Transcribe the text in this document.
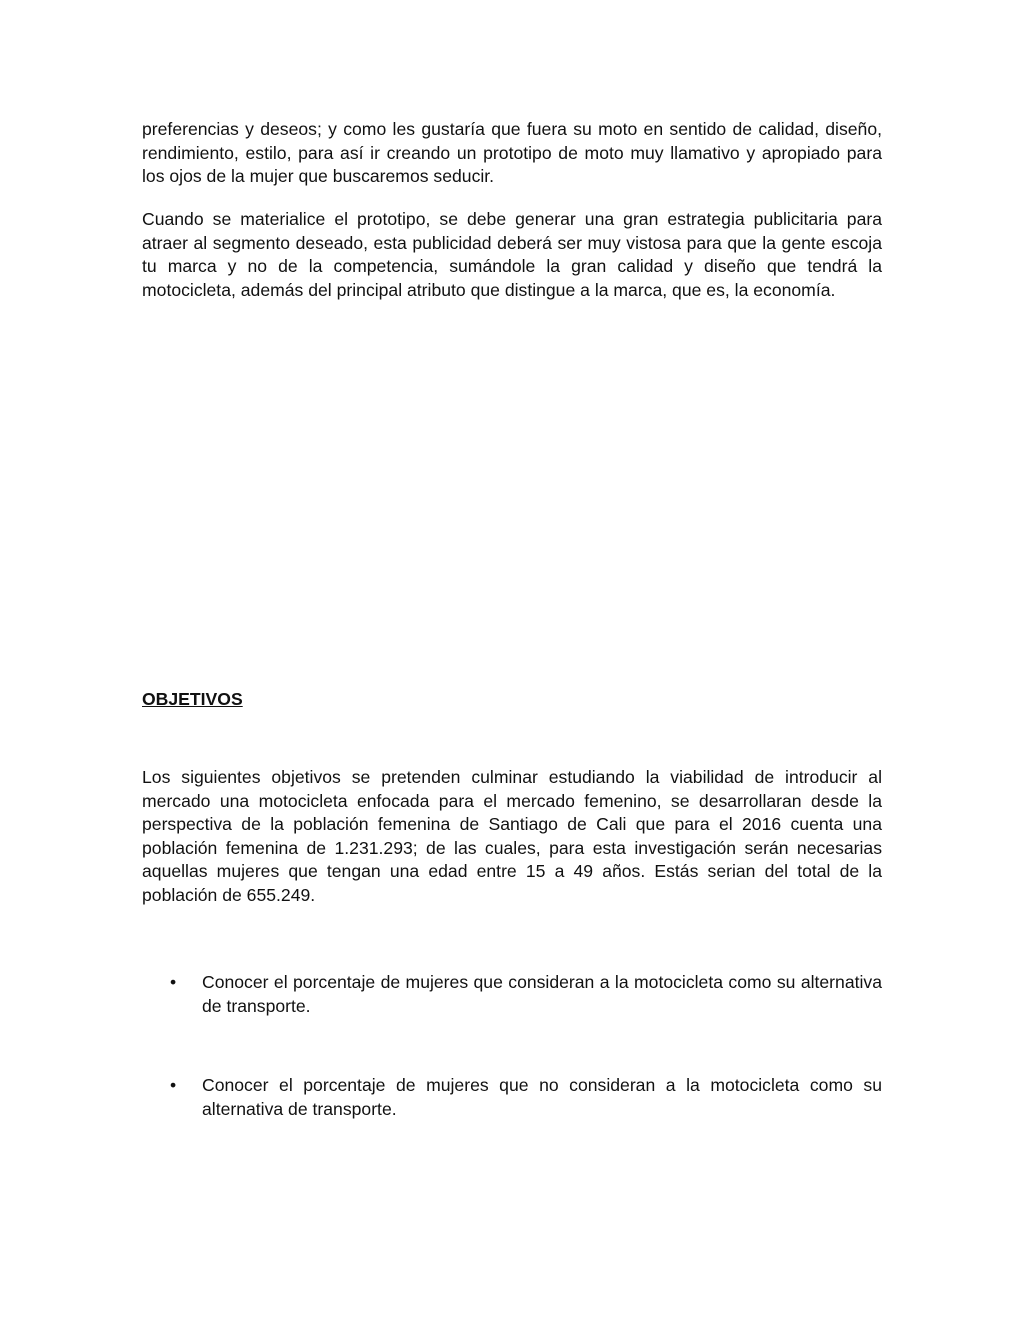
preferencias y deseos; y como les gustaría que fuera su moto en sentido de calidad, diseño, rendimiento, estilo, para así ir creando un prototipo de moto muy llamativo y apropiado para los ojos de la mujer que buscaremos seducir.

Cuando se materialice el prototipo, se debe generar una gran estrategia publicitaria para atraer al segmento deseado, esta publicidad deberá ser muy vistosa para que la gente escoja tu marca y no de la competencia, sumándole la gran calidad y diseño que tendrá la motocicleta, además del principal atributo que distingue a la marca, que es, la economía.

OBJETIVOS

Los siguientes objetivos se pretenden culminar estudiando la viabilidad de introducir al mercado una motocicleta enfocada para el mercado femenino, se desarrollaran desde la perspectiva de la población femenina de Santiago de Cali que para el 2016 cuenta una población femenina de 1.231.293; de las cuales, para esta investigación serán necesarias aquellas mujeres que tengan una edad entre 15 a 49 años. Estás serian del total de la población de 655.249.

• Conocer el porcentaje de mujeres que consideran a la motocicleta como su alternativa de transporte.

• Conocer el porcentaje de mujeres que no consideran a la motocicleta como su alternativa de transporte.
